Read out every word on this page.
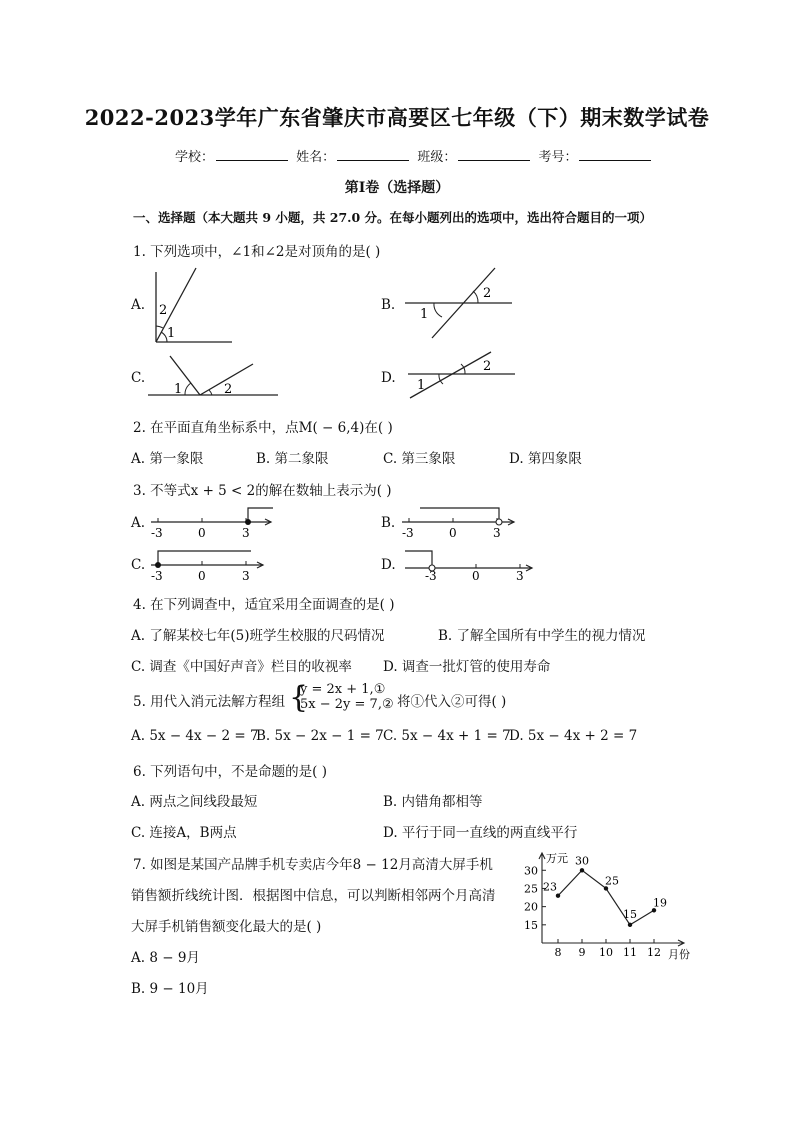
2022-2023学年广东省肇庆市高要区七年级（下）期末数学试卷
学校：	姓名：	班级：	考号：
第Ⅰ卷（选择题）
一、选择题（本大题共 9 小题，共 27.0 分。在每小题列出的选项中，选出符合题目的一项）
1. 下列选项中，∠1和∠2是对顶角的是( )
A. 2
1
B.
2
1
C.
1	2
D. 1
2
2. 在平面直角坐标系中，点M( − 6,4)在( )
A. 第一象限	B. 第二象限	C. 第三象限	D. 第四象限
3. 不等式x + 5 < 2的解在数轴上表示为( )
A.
-3	0	3
B.
-3	0	3
C.
-3	0	3
D.
-3	0	3
4. 在下列调查中，适宜采用全面调查的是( )
A. 了解某校七年(5)班学生校服的尺码情况	B. 了解全国所有中学生的视力情况
C. 调查《中国好声音》栏目的收视率 D. 调查一批灯管的使用寿命
5. 用代入消元法解方程组 {
y = 2x + 1,①
5x − 2y = 7,② 将①代入②可得( )
A. 5x − 4x − 2 = 7
B. 5x − 2x − 1 = 7 C. 5x − 4x + 1 = 7
D. 5x − 4x + 2 = 7
6. 下列语句中，不是命题的是( )
A. 两点之间线段最短	B. 内错角都相等
C. 连接A，B两点	D. 平行于同一直线的两直线平行
7. 如图是某国产品牌手机专卖店今年8 − 12月高清大屏手机
销售额折线统计图．根据图中信息，可以判断相邻两个月高清
大屏手机销售额变化最大的是( )
A. 8 − 9月
B. 9 − 10月
万元
月份
15
20
25
30
8 9 10 11 12
23
30
25
15
19
